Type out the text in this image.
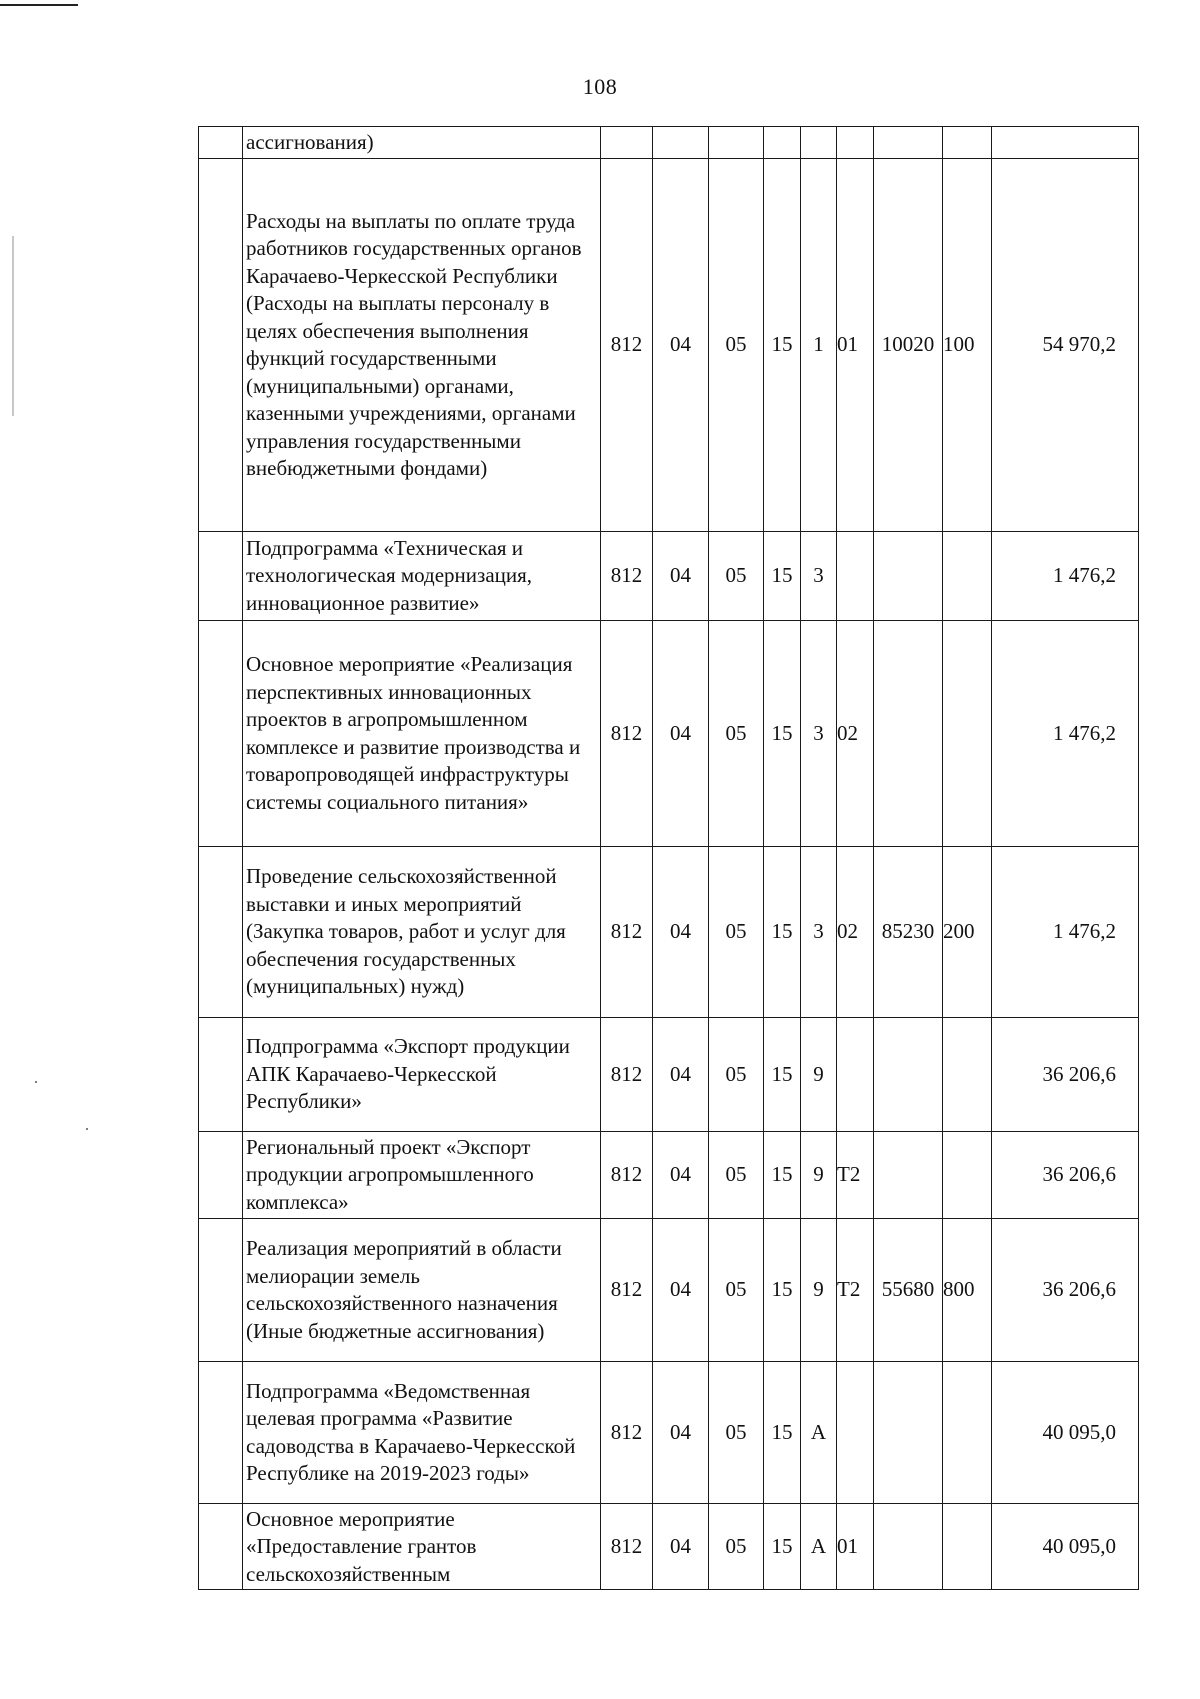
108
	ассигнования)									
	Расходы на выплаты по оплате труда работников государственных органов Карачаево-Черкесской Республики (Расходы на выплаты персоналу в целях обеспечения выполнения функций государственными (муниципальными) органами, казенными учреждениями, органами управления государственными внебюджетными фондами)	812	04	05	15	1	01	10020	100	54 970,2
	Подпрограмма «Техническая и технологическая модернизация, инновационное развитие»	812	04	05	15	3				1 476,2
	Основное мероприятие «Реализация перспективных инновационных проектов в агропромышленном комплексе и развитие производства и товаропроводящей инфраструктуры системы социального питания»	812	04	05	15	3	02			1 476,2
	Проведение сельскохозяйственной выставки и иных мероприятий (Закупка товаров, работ и услуг для обеспечения государственных (муниципальных) нужд)	812	04	05	15	3	02	85230	200	1 476,2
	Подпрограмма «Экспорт продукции АПК Карачаево-Черкесской Республики»	812	04	05	15	9				36 206,6
	Региональный проект «Экспорт продукции агропромышленного комплекса»	812	04	05	15	9	Т2			36 206,6
	Реализация мероприятий в области мелиорации земель сельскохозяйственного назначения (Иные бюджетные ассигнования)	812	04	05	15	9	Т2	55680	800	36 206,6
	Подпрограмма «Ведомственная целевая программа «Развитие садоводства в Карачаево-Черкесской Республике на 2019-2023 годы»	812	04	05	15	А				40 095,0
	Основное мероприятие «Предоставление грантов сельскохозяйственным	812	04	05	15	А	01			40 095,0
